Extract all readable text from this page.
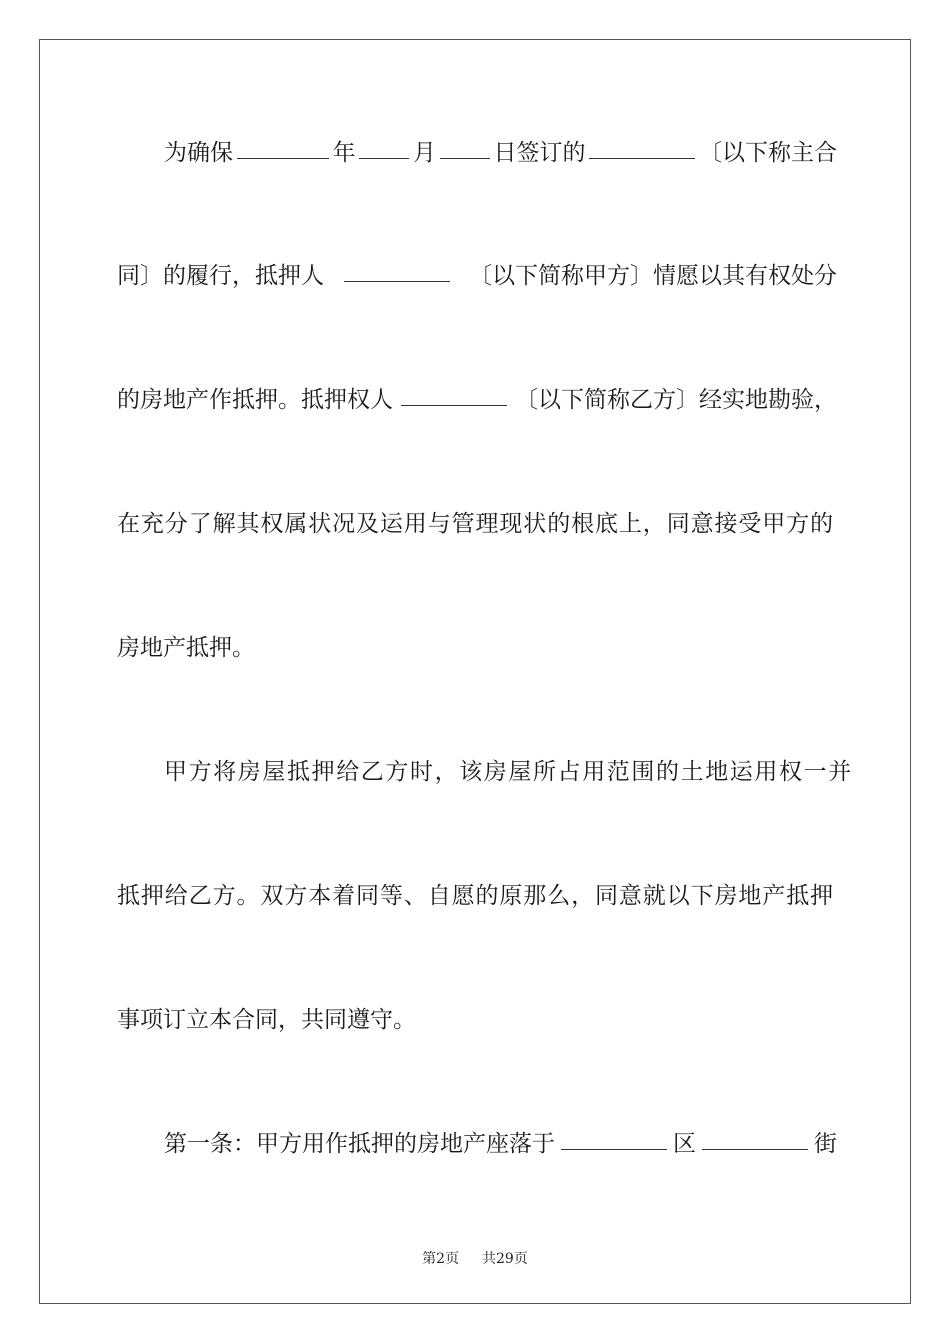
为确保	年	月	日签订的	〔以下称主合
同〕的履行，抵押人	〔以下简称甲方〕情愿以其有权处分
的房地产作抵押。抵押权人	〔以下简称乙方〕经实地勘验，
在充分了解其权属状况及运用与管理现状的根底上，同意接受甲方的
房地产抵押。
甲方将房屋抵押给乙方时，该房屋所占用范围的土地运用权一并
抵押给乙方。双方本着同等、自愿的原那么，同意就以下房地产抵押
事项订立本合同，共同遵守。
第一条：甲方用作抵押的房地产座落于	区	街
第2页 共29页
